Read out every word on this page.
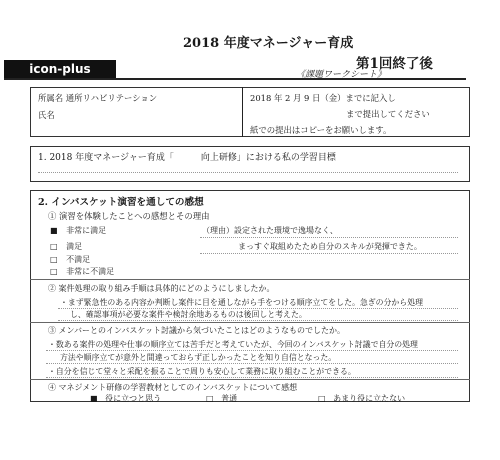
2018 年度マネージャー育成
第1回終了後
icon-plus	《課題ワークシート》
所属名 通所リハビリテーション
氏名
2018 年 2 月 9 日（金）までに記入し
まで提出してください
紙での提出はコピーをお願いします。
1. 2018 年度マネージャー育成「　　　向上研修」における私の学習目標
2. インバスケット演習を通しての感想
① 演習を体験したことへの感想とその理由
■ 非常に満足
□ 満足
□ 不満足
□ 非常に不満足
（理由）設定された環境で逸場なく、
まっすぐ取組めたため自分のスキルが発揮できた。
② 案件処理の取り組み手順は具体的にどのようにしましたか。
・まず緊急性のある内容か判断し案件に目を通しながら手をつける順序立てをした。急ぎの分から処理
し、確認事項が必要な案件や検討余地あるものは後回しと考えた。
③ メンバーとのインバスケット討議から気づいたことはどのようなものでしたか。
・数ある案件の処理や仕事の順序立ては苦手だと考えていたが、今回のインバスケット討議で自分の処理
方法や順序立てが意外と間違っておらず正しかったことを知り自信となった。
・自分を信じて堂々と采配を振ることで周りも安心して業務に取り組むことができる。
④ マネジメント研修の学習教材としてのインバスケットについて感想
■ 役に立つと思う	□ 普通	□ あまり役に立たない
